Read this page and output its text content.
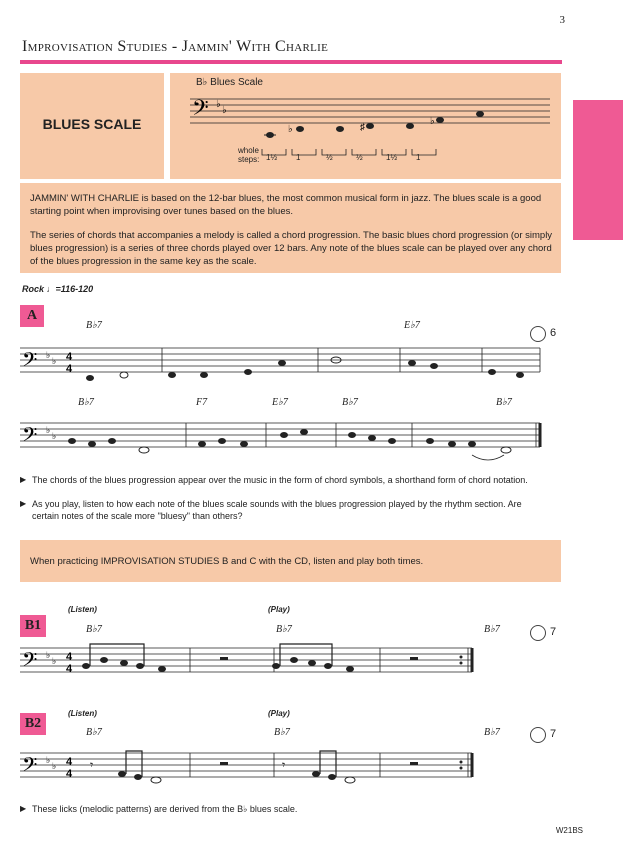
3
Improvisation Studies - Jammin' With Charlie
BLUES SCALE
B♭ Blues Scale
whole steps:
𝄢 ♭
♭
♭	♯
♭
1½ 1	½	½	1½ 1
JAMMIN' WITH CHARLIE is based on the 12-bar blues, the most common musical form in jazz. The blues scale is a good starting point when improvising over tunes based on the blues.
The series of chords that accompanies a melody is called a chord progression. The basic blues chord progression (or simply blues progression) is a series of three chords played over 12 bars. Any note of the blues scale can be played over any chord of the blues progression in the same key as the scale.
Rock ♩=116-120
A
B♭7	E♭7
6
𝄢 ♭
♭ 4
4
B♭7	F7	E♭7	B♭7	B♭7
𝄢 ♭
♭
▶ The chords of the blues progression appear over the music in the form of chord symbols, a shorthand form of chord notation.
▶ As you play, listen to how each note of the blues scale sounds with the blues progression played by the rhythm section. Are certain notes of the scale more "bluesy" than others?
When practicing IMPROVISATION STUDIES B and C with the CD, listen and play both times.
B1
(Listen)	(Play)
B♭7	B♭7	B♭7	7
𝄢 ♭
♭ 4
4
B2
(Listen)	(Play)
B♭7	B♭7	B♭7	7
𝄢 ♭
♭ 4
4
𝄾	𝄾
▶ These licks (melodic patterns) are derived from the B♭ blues scale.
W21BS
